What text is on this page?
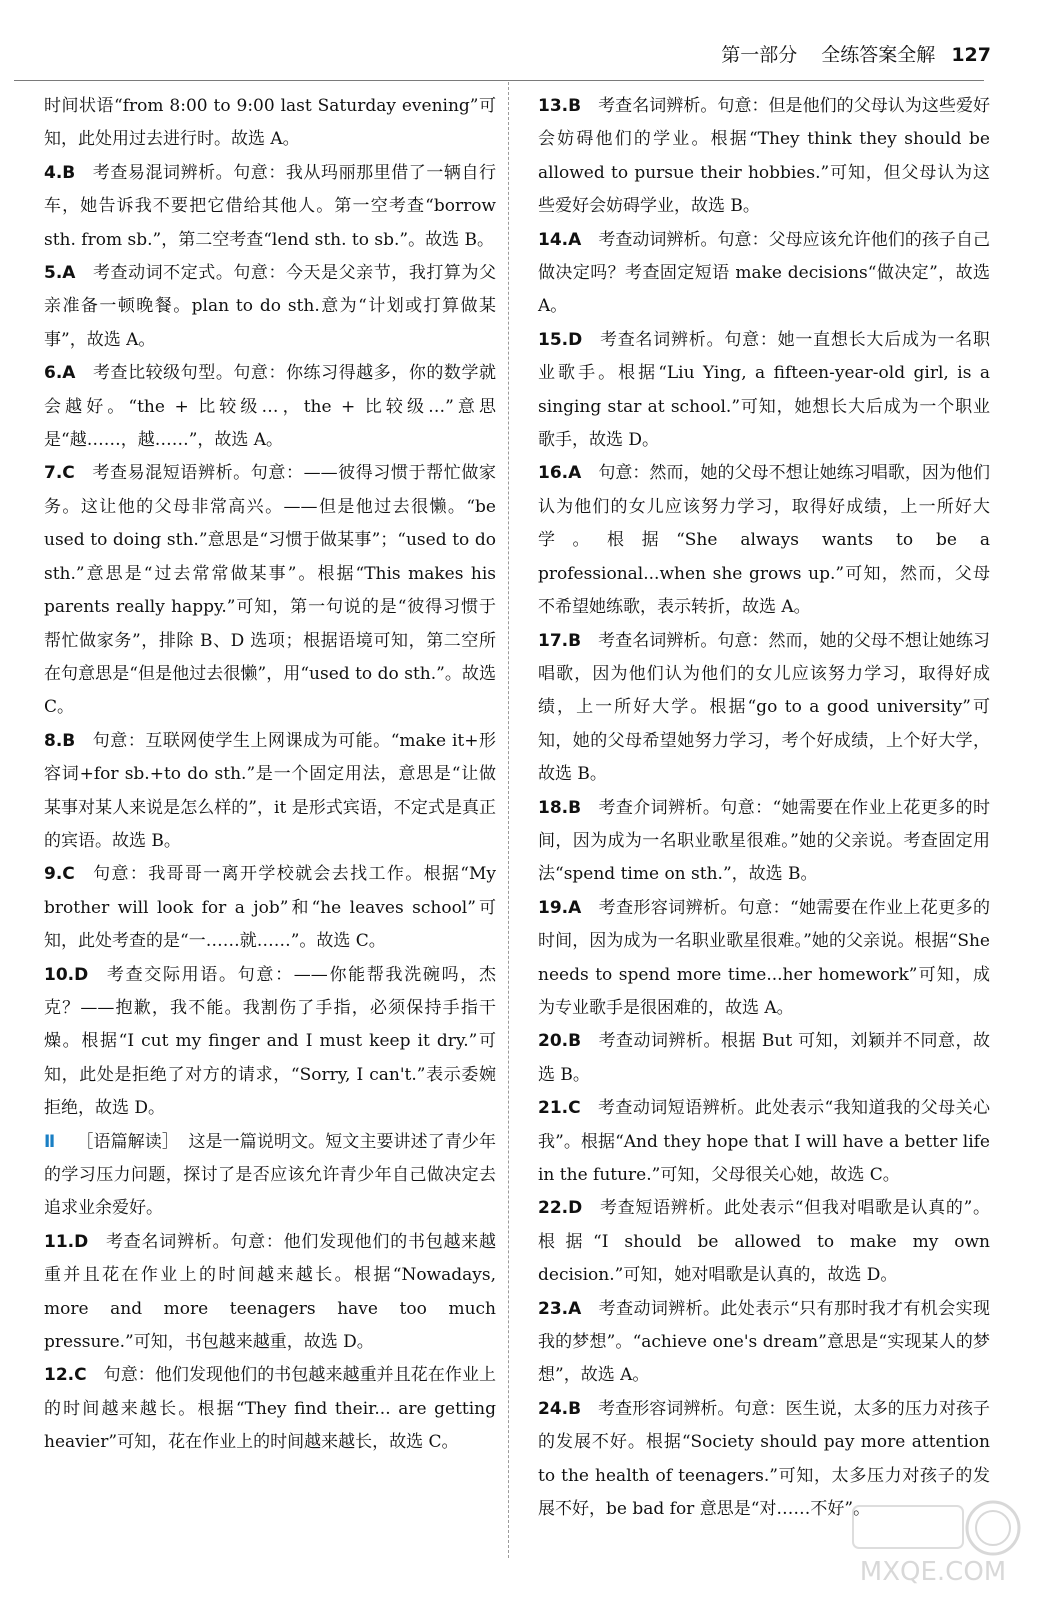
第一部分 全练答案全解 127

时间状语“from 8:00 to 9:00 last Saturday evening”可知，此处用过去进行时。故选 A。

4.B  考查易混词辨析。句意：我从玛丽那里借了一辆自行车，她告诉我不要把它借给其他人。第一空考查“borrow sth. from sb.”，第二空考查“lend sth. to sb.”。故选 B。

5.A  考查动词不定式。句意：今天是父亲节，我打算为父亲准备一顿晚餐。plan to do sth.意为“计划或打算做某事”，故选 A。

6.A  考查比较级句型。句意：你练习得越多，你的数学就会越好。“the + 比较级…，the + 比较级…”意思是“越……，越……”，故选 A。

7.C  考查易混短语辨析。句意：——彼得习惯于帮忙做家务。这让他的父母非常高兴。——但是他过去很懒。“be used to doing sth.”意思是“习惯于做某事”；“used to do sth.”意思是“过去常常做某事”。根据“This makes his parents really happy.”可知，第一句说的是“彼得习惯于帮忙做家务”，排除 B、D 选项；根据语境可知，第二空所在句意思是“但是他过去很懒”，用“used to do sth.”。故选 C。

8.B  句意：互联网使学生上网课成为可能。“make it+形容词+for sb.+to do sth.”是一个固定用法，意思是“让做某事对某人来说是怎么样的”，it 是形式宾语，不定式是真正的宾语。故选 B。

9.C  句意：我哥哥一离开学校就会去找工作。根据“My brother will look for a job”和“he leaves school”可知，此处考查的是“一……就……”。故选 C。

10.D  考查交际用语。句意：——你能帮我洗碗吗，杰克？——抱歉，我不能。我割伤了手指，必须保持手指干燥。根据“I cut my finger and I must keep it dry.”可知，此处是拒绝了对方的请求，“Sorry, I can't.”表示委婉拒绝，故选 D。

Ⅱ  ［语篇解读］ 这是一篇说明文。短文主要讲述了青少年的学习压力问题，探讨了是否应该允许青少年自己做决定去追求业余爱好。

11.D  考查名词辨析。句意：他们发现他们的书包越来越重并且花在作业上的时间越来越长。根据“Nowadays, more and more teenagers have too much pressure.”可知，书包越来越重，故选 D。

12.C  句意：他们发现他们的书包越来越重并且花在作业上的时间越来越长。根据“They find their... are getting heavier”可知，花在作业上的时间越来越长，故选 C。

13.B  考查名词辨析。句意：但是他们的父母认为这些爱好会妨碍他们的学业。根据“They think they should be allowed to pursue their hobbies.”可知，但父母认为这些爱好会妨碍学业，故选 B。

14.A  考查动词辨析。句意：父母应该允许他们的孩子自己做决定吗？考查固定短语 make decisions“做决定”，故选 A。

15.D  考查名词辨析。句意：她一直想长大后成为一名职业歌手。根据“Liu Ying, a fifteen-year-old girl, is a singing star at school.”可知，她想长大后成为一个职业歌手，故选 D。

16.A  句意：然而，她的父母不想让她练习唱歌，因为他们认为他们的女儿应该努力学习，取得好成绩，上一所好大学。根据“She always wants to be a professional...when she grows up.”可知，然而，父母不希望她练歌，表示转折，故选 A。

17.B  考查名词辨析。句意：然而，她的父母不想让她练习唱歌，因为他们认为他们的女儿应该努力学习，取得好成绩，上一所好大学。根据“go to a good university”可知，她的父母希望她努力学习，考个好成绩，上个好大学，故选 B。

18.B  考查介词辨析。句意：“她需要在作业上花更多的时间，因为成为一名职业歌星很难。”她的父亲说。考查固定用法“spend time on sth.”，故选 B。

19.A  考查形容词辨析。句意：“她需要在作业上花更多的时间，因为成为一名职业歌星很难。”她的父亲说。根据“She needs to spend more time...her homework”可知，成为专业歌手是很困难的，故选 A。

20.B  考查动词辨析。根据 But 可知，刘颖并不同意，故选 B。

21.C  考查动词短语辨析。此处表示“我知道我的父母关心我”。根据“And they hope that I will have a better life in the future.”可知，父母很关心她，故选 C。

22.D  考查短语辨析。此处表示“但我对唱歌是认真的”。根据“I should be allowed to make my own decision.”可知，她对唱歌是认真的，故选 D。

23.A  考查动词辨析。此处表示“只有那时我才有机会实现我的梦想”。“achieve one's dream”意思是“实现某人的梦想”，故选 A。

24.B  考查形容词辨析。句意：医生说，太多的压力对孩子的发展不好。根据“Society should pay more attention to the health of teenagers.”可知，太多压力对孩子的发展不好，be bad for 意思是“对……不好”。

MXQE.COM
